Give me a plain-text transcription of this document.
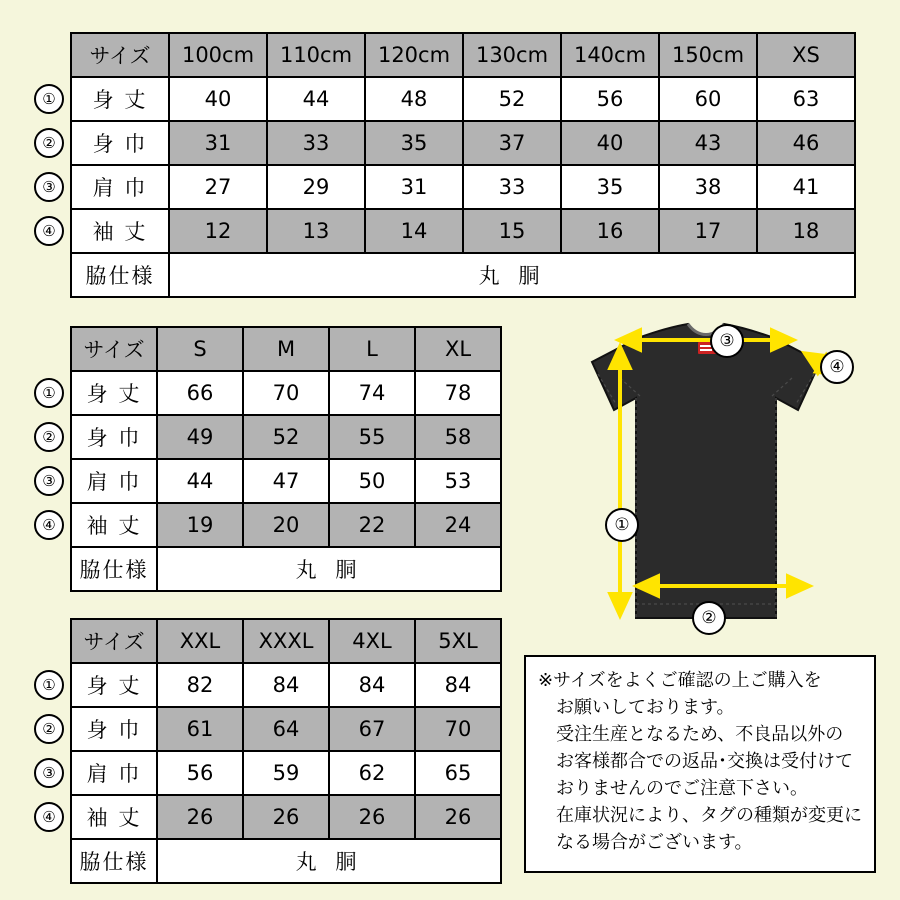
①
②
③
④
サイズ	100cm	110cm	120cm	130cm	140cm	150cm	XS
身 丈	40	44	48	52	56	60	63
身 巾	31	33	35	37	40	43	46
肩 巾	27	29	31	33	35	38	41
袖 丈	12	13	14	15	16	17	18
脇仕様	丸 胴						
①
②
③
④
サイズ	S	M	L	XL
身 丈	66	70	74	78
身 巾	49	52	55	58
肩 巾	44	47	50	53
袖 丈	19	20	22	24
脇仕様	丸 胴			
①
②
③
④
サイズ	XXL	XXXL	4XL	5XL
身 丈	82	84	84	84
身 巾	61	64	67	70
肩 巾	56	59	62	65
袖 丈	26	26	26	26
脇仕様	丸 胴			
③
④
①
②
※サイズをよくご確認の上ご購入を
お願いしております。
受注生産となるため、不良品以外の
お客様都合での返品･交換は受付けて
おりませんのでご注意下さい。
在庫状況により、タグの種類が変更に
なる場合がございます。
